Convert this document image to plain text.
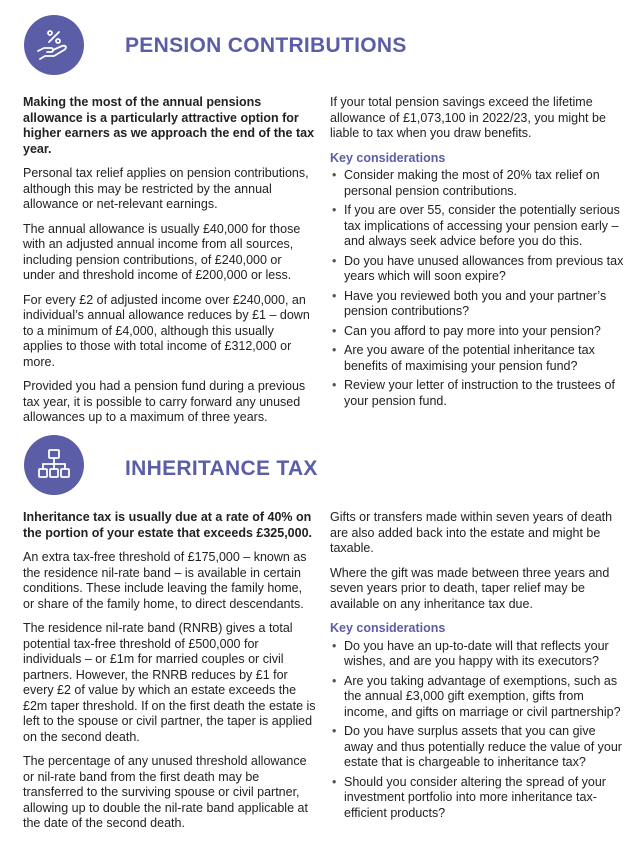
PENSION CONTRIBUTIONS

Making the most of the annual pensions allowance is a particularly attractive option for higher earners as we approach the end of the tax year.

Personal tax relief applies on pension contributions, although this may be restricted by the annual allowance or net-relevant earnings.

The annual allowance is usually £40,000 for those with an adjusted annual income from all sources, including pension contributions, of £240,000 or under and threshold income of £200,000 or less.

For every £2 of adjusted income over £240,000, an individual’s annual allowance reduces by £1 – down to a minimum of £4,000, although this usually applies to those with total income of £312,000 or more.

Provided you had a pension fund during a previous tax year, it is possible to carry forward any unused allowances up to a maximum of three years.

If your total pension savings exceed the lifetime allowance of £1,073,100 in 2022/23, you might be liable to tax when you draw benefits.

Key considerations
• Consider making the most of 20% tax relief on personal pension contributions.
• If you are over 55, consider the potentially serious tax implications of accessing your pension early – and always seek advice before you do this.
• Do you have unused allowances from previous tax years which will soon expire?
• Have you reviewed both you and your partner’s pension contributions?
• Can you afford to pay more into your pension?
• Are you aware of the potential inheritance tax benefits of maximising your pension fund?
• Review your letter of instruction to the trustees of your pension fund.
INHERITANCE TAX

Inheritance tax is usually due at a rate of 40% on the portion of your estate that exceeds £325,000.

An extra tax-free threshold of £175,000 – known as the residence nil-rate band – is available in certain conditions. These include leaving the family home, or share of the family home, to direct descendants.

The residence nil-rate band (RNRB) gives a total potential tax-free threshold of £500,000 for individuals – or £1m for married couples or civil partners. However, the RNRB reduces by £1 for every £2 of value by which an estate exceeds the £2m taper threshold. If on the first death the estate is left to the spouse or civil partner, the taper is applied on the second death.

The percentage of any unused threshold allowance or nil-rate band from the first death may be transferred to the surviving spouse or civil partner, allowing up to double the nil-rate band applicable at the date of the second death.

Gifts or transfers made within seven years of death are also added back into the estate and might be taxable.

Where the gift was made between three years and seven years prior to death, taper relief may be available on any inheritance tax due.

Key considerations
• Do you have an up-to-date will that reflects your wishes, and are you happy with its executors?
• Are you taking advantage of exemptions, such as the annual £3,000 gift exemption, gifts from income, and gifts on marriage or civil partnership?
• Do you have surplus assets that you can give away and thus potentially reduce the value of your estate that is chargeable to inheritance tax?
• Should you consider altering the spread of your investment portfolio into more inheritance tax-efficient products?
